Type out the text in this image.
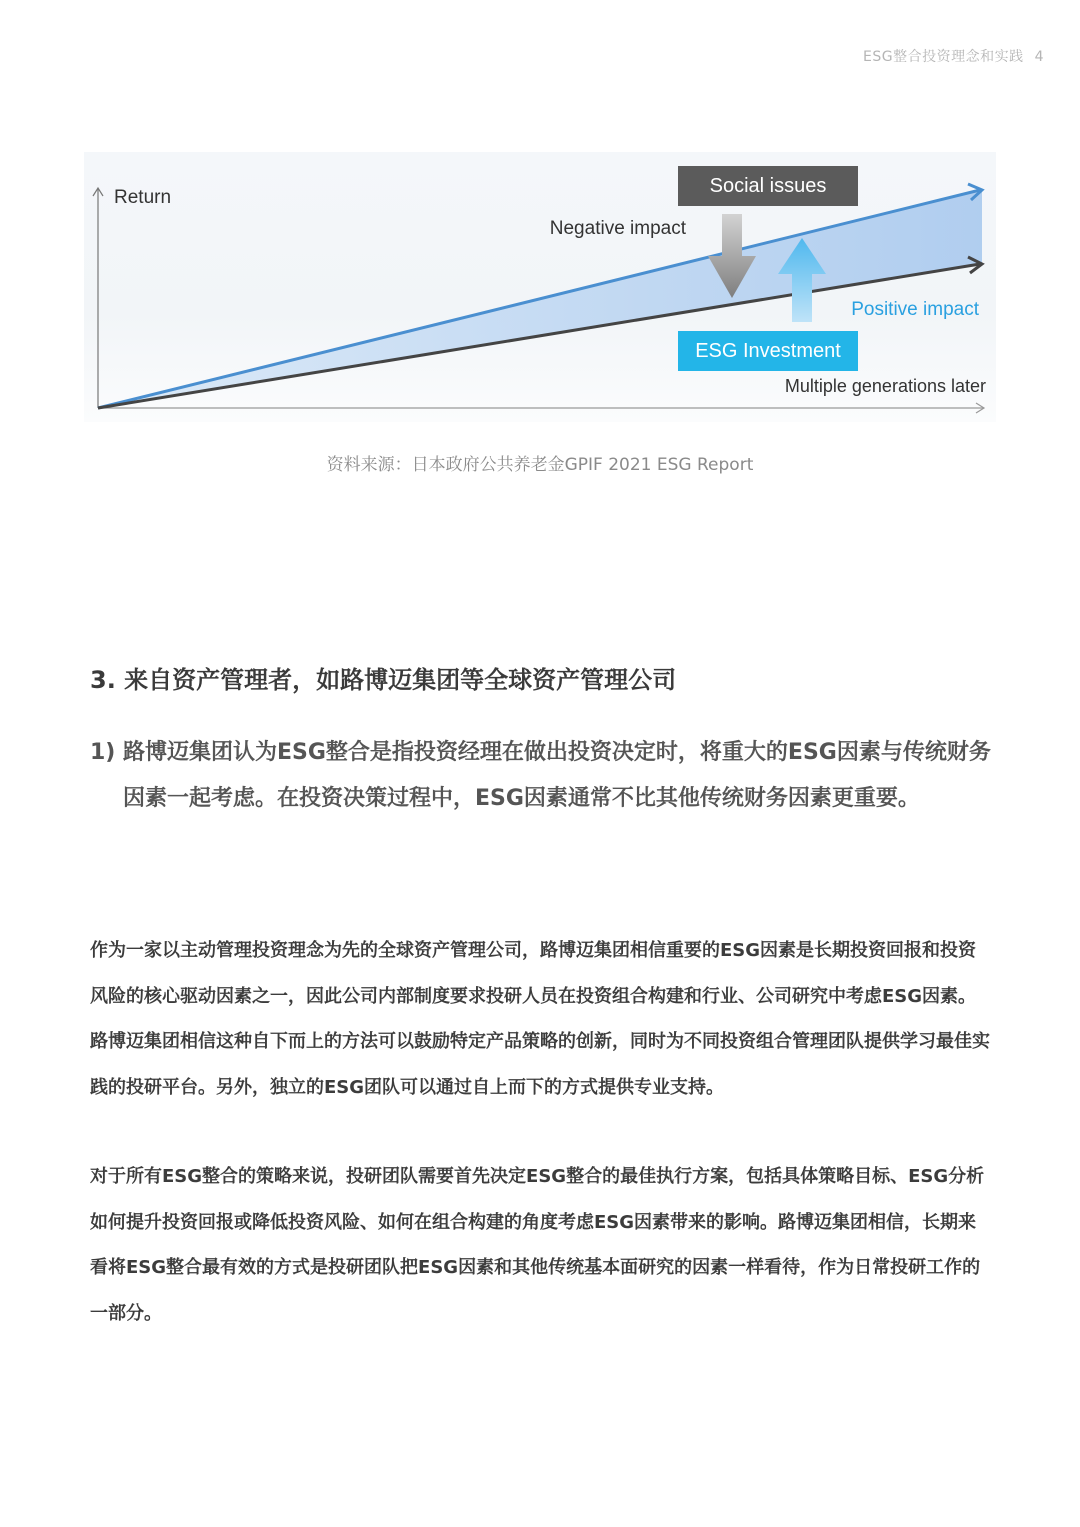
ESG整合投资理念和实践 4
Social issues
ESG Investment
Return
Negative impact
Positive impact
Multiple generations later
资料来源：日本政府公共养老金GPIF 2021 ESG Report
3. 来自资产管理者，如路博迈集团等全球资产管理公司
1) 路博迈集团认为ESG整合是指投资经理在做出投资决定时，将重大的ESG因素与传统财务因素一起考虑。在投资决策过程中，ESG因素通常不比其他传统财务因素更重要。

作为一家以主动管理投资理念为先的全球资产管理公司，路博迈集团相信重要的ESG因素是长期投资回报和投资风险的核心驱动因素之一，因此公司内部制度要求投研人员在投资组合构建和行业、公司研究中考虑ESG因素。路博迈集团相信这种自下而上的方法可以鼓励特定产品策略的创新，同时为不同投资组合管理团队提供学习最佳实践的投研平台。另外，独立的ESG团队可以通过自上而下的方式提供专业支持。

对于所有ESG整合的策略来说，投研团队需要首先决定ESG整合的最佳执行方案，包括具体策略目标、ESG分析如何提升投资回报或降低投资风险、如何在组合构建的角度考虑ESG因素带来的影响。路博迈集团相信，长期来看将ESG整合最有效的方式是投研团队把ESG因素和其他传统基本面研究的因素一样看待，作为日常投研工作的一部分。
